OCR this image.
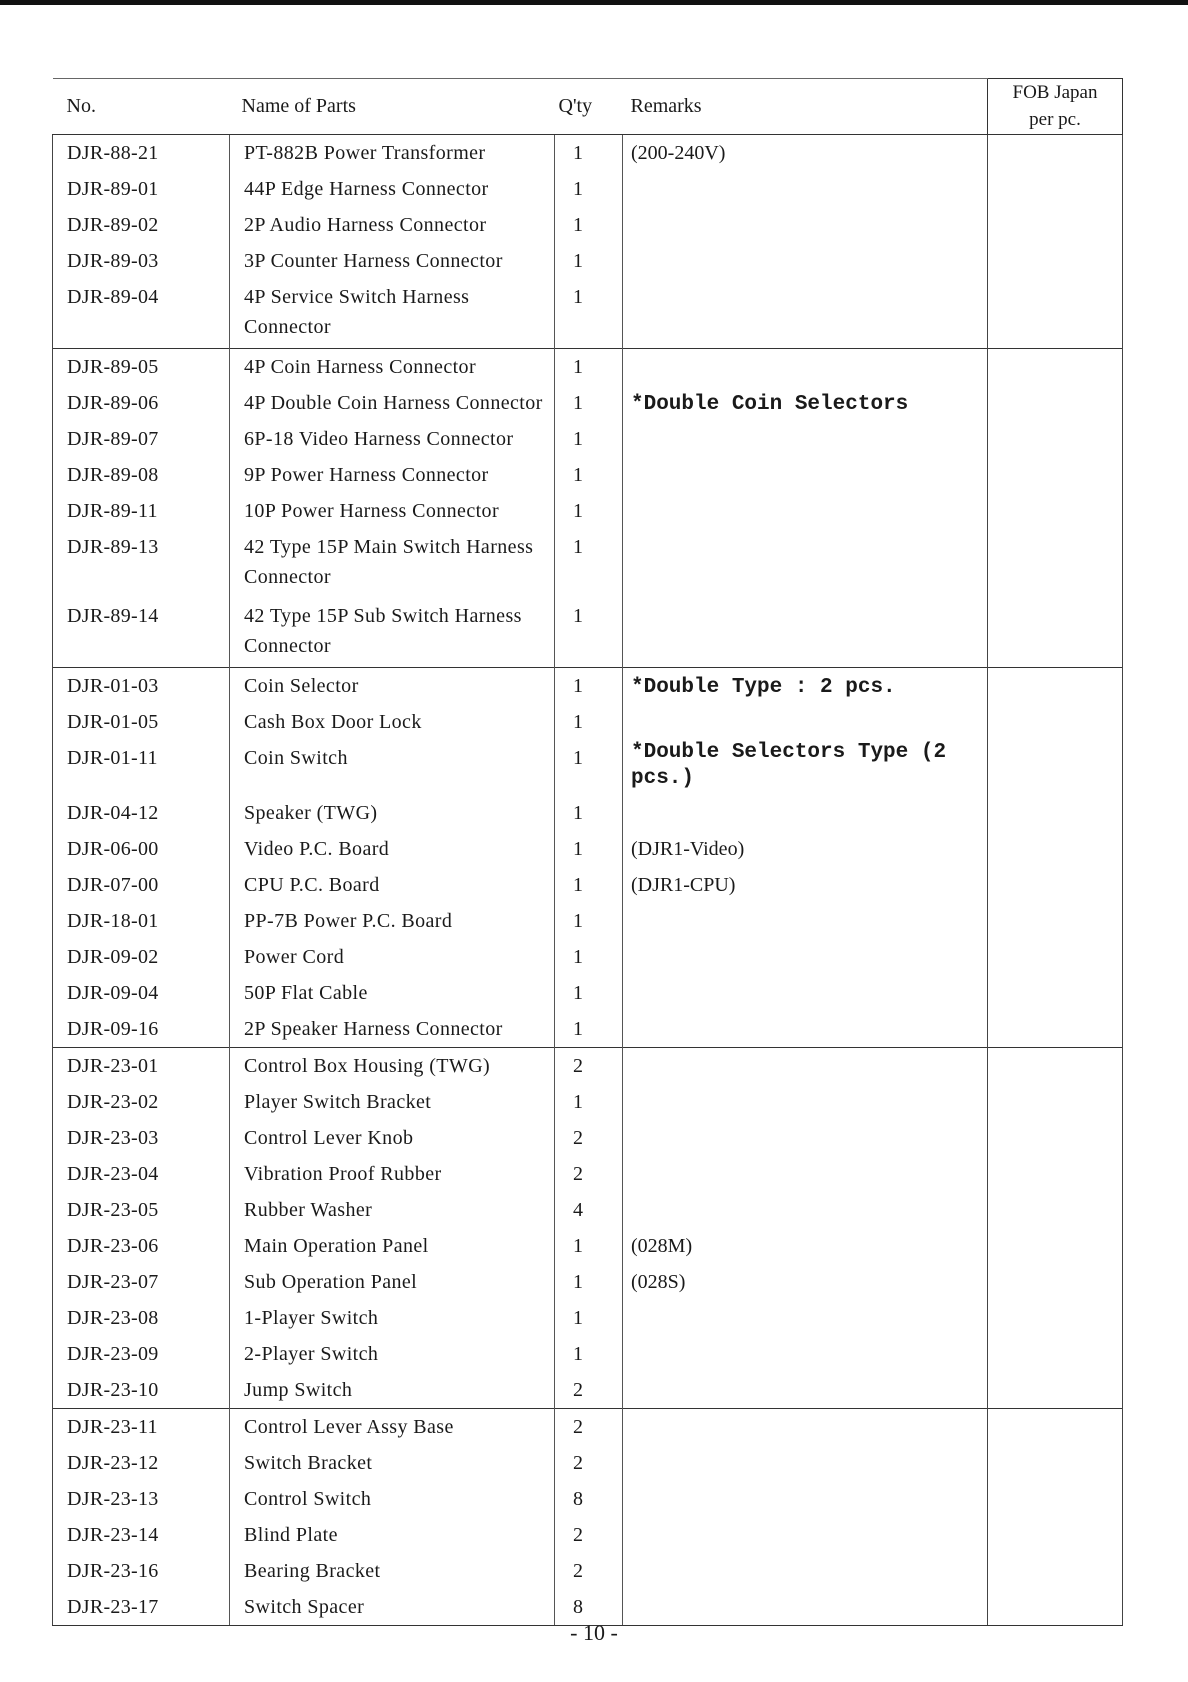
No.	Name of Parts	Q'ty	Remarks	FOB Japan
per pc.

DJR-88-21	PT-882B Power Transformer	1	(200-240V)	
DJR-89-01	44P Edge Harness Connector	1		
DJR-89-02	2P Audio Harness Connector	1		
DJR-89-03	3P Counter Harness Connector	1		
DJR-89-04	4P Service Switch Harness Connector	1		
DJR-89-05	4P Coin Harness Connector	1		
DJR-89-06	4P Double Coin Harness Connector	1	*Double Coin Selectors	
DJR-89-07	6P-18 Video Harness Connector	1		
DJR-89-08	9P Power Harness Connector	1		
DJR-89-11	10P Power Harness Connector	1		
DJR-89-13	42 Type 15P Main Switch Harness Connector	1		
DJR-89-14	42 Type 15P Sub Switch Harness Connector	1		
DJR-01-03	Coin Selector	1	*Double Type : 2 pcs.	
DJR-01-05	Cash Box Door Lock	1		
DJR-01-11	Coin Switch	1	*Double Selectors Type (2 pcs.)	
DJR-04-12	Speaker (TWG)	1		
DJR-06-00	Video P.C. Board	1	(DJR1-Video)	
DJR-07-00	CPU P.C. Board	1	(DJR1-CPU)	
DJR-18-01	PP-7B Power P.C. Board	1		
DJR-09-02	Power Cord	1		
DJR-09-04	50P Flat Cable	1		
DJR-09-16	2P Speaker Harness Connector	1		
DJR-23-01	Control Box Housing (TWG)	2		
DJR-23-02	Player Switch Bracket	1		
DJR-23-03	Control Lever Knob	2		
DJR-23-04	Vibration Proof Rubber	2		
DJR-23-05	Rubber Washer	4		
DJR-23-06	Main Operation Panel	1	(028M)	
DJR-23-07	Sub Operation Panel	1	(028S)	
DJR-23-08	1-Player Switch	1		
DJR-23-09	2-Player Switch	1		
DJR-23-10	Jump Switch	2		
DJR-23-11	Control Lever Assy Base	2		
DJR-23-12	Switch Bracket	2		
DJR-23-13	Control Switch	8		
DJR-23-14	Blind Plate	2		
DJR-23-16	Bearing Bracket	2		
DJR-23-17	Switch Spacer	8		
- 10 -
